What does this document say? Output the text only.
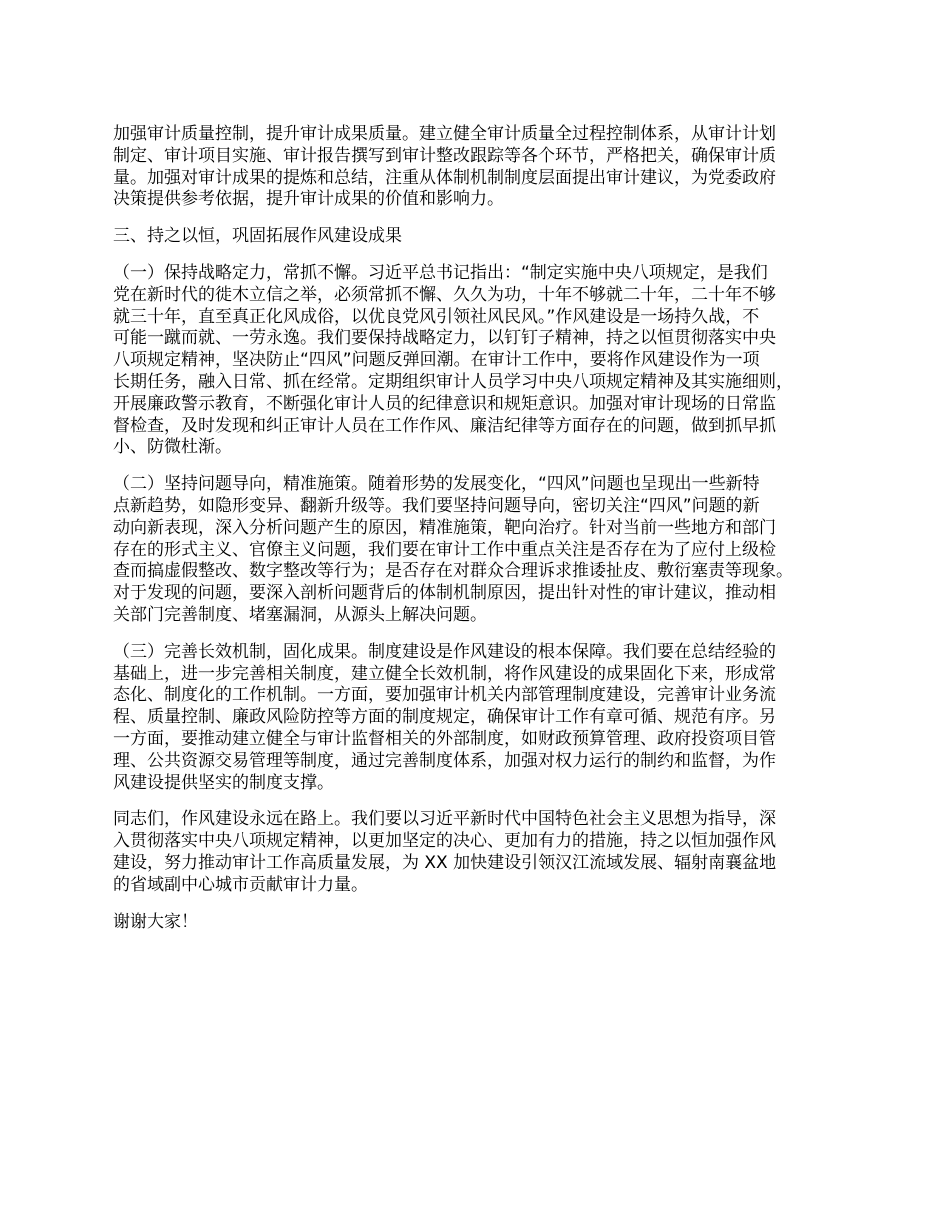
加强审计质量控制，提升审计成果质量。建立健全审计质量全过程控制体系，从审计计划
制定、审计项目实施、审计报告撰写到审计整改跟踪等各个环节，严格把关，确保审计质
量。加强对审计成果的提炼和总结，注重从体制机制制度层面提出审计建议，为党委政府
决策提供参考依据，提升审计成果的价值和影响力。
三、持之以恒，巩固拓展作风建设成果
（一）保持战略定力，常抓不懈。习近平总书记指出：“制定实施中央八项规定，是我们
党在新时代的徙木立信之举，必须常抓不懈、久久为功，十年不够就二十年，二十年不够
就三十年，直至真正化风成俗，以优良党风引领社风民风。”作风建设是一场持久战，不
可能一蹴而就、一劳永逸。我们要保持战略定力，以钉钉子精神，持之以恒贯彻落实中央
八项规定精神，坚决防止“四风”问题反弹回潮。在审计工作中，要将作风建设作为一项
长期任务，融入日常、抓在经常。定期组织审计人员学习中央八项规定精神及其实施细则，
开展廉政警示教育，不断强化审计人员的纪律意识和规矩意识。加强对审计现场的日常监
督检查，及时发现和纠正审计人员在工作作风、廉洁纪律等方面存在的问题，做到抓早抓
小、防微杜渐。
（二）坚持问题导向，精准施策。随着形势的发展变化，“四风”问题也呈现出一些新特
点新趋势，如隐形变异、翻新升级等。我们要坚持问题导向，密切关注“四风”问题的新
动向新表现，深入分析问题产生的原因，精准施策，靶向治疗。针对当前一些地方和部门
存在的形式主义、官僚主义问题，我们要在审计工作中重点关注是否存在为了应付上级检
查而搞虚假整改、数字整改等行为；是否存在对群众合理诉求推诿扯皮、敷衍塞责等现象。
对于发现的问题，要深入剖析问题背后的体制机制原因，提出针对性的审计建议，推动相
关部门完善制度、堵塞漏洞，从源头上解决问题。
（三）完善长效机制，固化成果。制度建设是作风建设的根本保障。我们要在总结经验的
基础上，进一步完善相关制度，建立健全长效机制，将作风建设的成果固化下来，形成常
态化、制度化的工作机制。一方面，要加强审计机关内部管理制度建设，完善审计业务流
程、质量控制、廉政风险防控等方面的制度规定，确保审计工作有章可循、规范有序。另
一方面，要推动建立健全与审计监督相关的外部制度，如财政预算管理、政府投资项目管
理、公共资源交易管理等制度，通过完善制度体系，加强对权力运行的制约和监督，为作
风建设提供坚实的制度支撑。
同志们，作风建设永远在路上。我们要以习近平新时代中国特色社会主义思想为指导，深
入贯彻落实中央八项规定精神，以更加坚定的决心、更加有力的措施，持之以恒加强作风
建设，努力推动审计工作高质量发展，为 XX 加快建设引领汉江流域发展、辐射南襄盆地
的省域副中心城市贡献审计力量。
谢谢大家！
